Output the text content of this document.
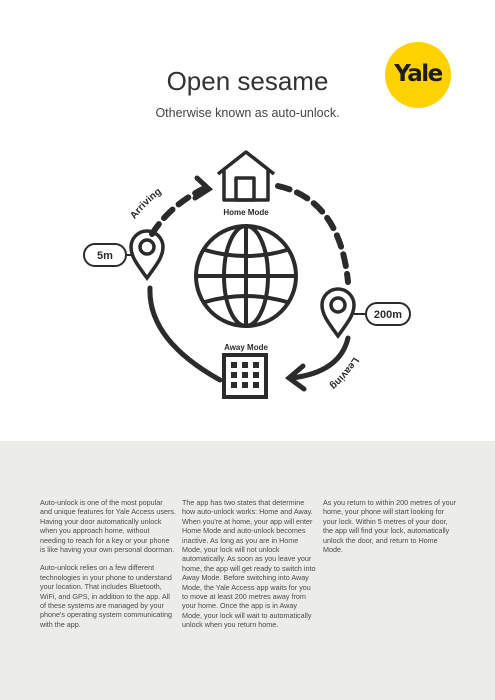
Yale
Open sesame
Otherwise known as auto-unlock.
Home Mode
5m
200m
Away Mode
Arriving
Leaving

Auto-unlock is one of the most popular and unique features for Yale Access users. Having your door automatically unlock when you approach home, without needing to reach for a key or your phone is like having your own personal doorman.

Auto-unlock relies on a few different technologies in your phone to understand your location. That includes Bluetooth, WiFi, and GPS, in addition to the app. All of these systems are managed by your phone's operating system communicating with the app.

The app has two states that determine how auto-unlock works: Home and Away. When you're at home, your app will enter Home Mode and auto-unlock becomes inactive. As long as you are in Home Mode, your lock will not unlock automatically. As soon as you leave your home, the app will get ready to switch into Away Mode. Before switching into Away Mode, the Yale Access app waits for you to move at least 200 metres away from your home. Once the app is in Away Mode, your lock will wait to automatically unlock when you return home.

As you return to within 200 metres of your home, your phone will start looking for your lock. Within 5 metres of your door, the app will find your lock, automatically unlock the door, and return to Home Mode.
